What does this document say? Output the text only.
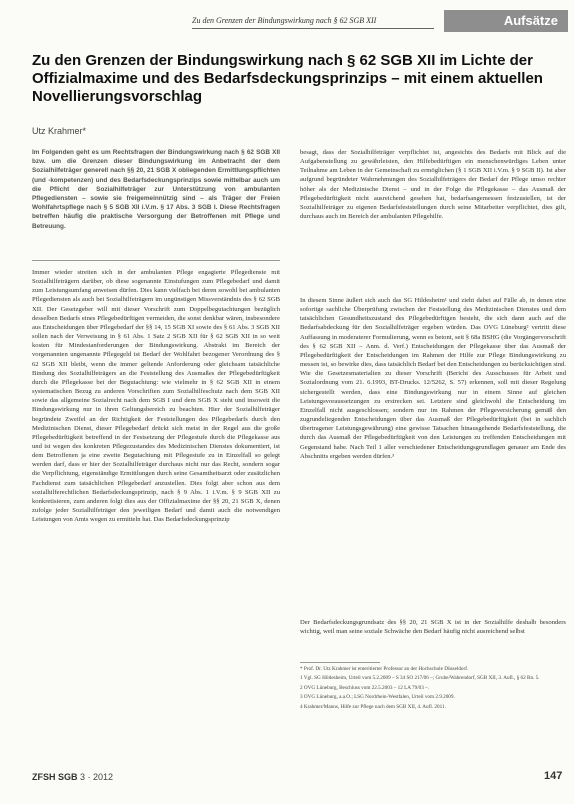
Zu den Grenzen der Bindungswirkung nach § 62 SGB XII	Aufsätze
Zu den Grenzen der Bindungswirkung nach § 62 SGB XII im Lichte der Offizialmaxime und des Bedarfsdeckungsprinzips – mit einem aktuellen Novellierungsvorschlag
Utz Krahmer*

Im Folgenden geht es um Rechtsfragen der Bindungswirkung nach § 62 SGB XII bzw. um die Grenzen dieser Bindungswirkung im Anbetracht der dem Sozialhilfeträger generell nach §§ 20, 21 SGB X obliegenden Ermittlungspflichten (und -kompetenzen) und des Bedarfsdeckungsprinzips sowie mittelbar auch um die Pflicht der Sozialhilfeträger zur Unterstützung von ambulanten Pflegediensten – sowie sie freigemeinnützig sind – als Träger der Freien Wohlfahrtspflege nach § 5 SGB XII i.V.m. § 17 Abs. 3 SGB I. Diese Rechtsfragen betreffen häufig die praktische Versorgung der Betroffenen mit Pflege und Betreuung.

Immer wieder streiten sich in der ambulanten Pflege engagierte Pflegedienste mit Sozialhilfeträgern darüber, ob diese sogenannte Einstufungen zum Pflegebedarf und damit zum Leistungsumfang anweisen dürfen. Dies kann vielfach bei deren sowohl bei ambulanten Pflegediensten als auch bei Sozialhilfeträgern im ungünstigen Missverständnis des § 62 SGB XII. Der Gesetzgeber will mit dieser Vorschrift zum Doppelbegutachtungen bezüglich desselben Bedarfs eines Pflegebedürftigen vermeiden, die sonst denkbar wären, insbesondere aus Entscheidungen über Pflegebedarf der §§ 14, 15 SGB XI sowie des § 61 Abs. 3 SGB XII sollen nach der Verweisung in § 61 Abs. 1 Satz 2 SGB XII für § 62 SGB XII in so weit kosten für Mindestanforderungen der Bindungswirkung. Abstrakt im Bereich der vorgenannten ungenannte Pflegegeld ist Bedarf der Wohlfahrt bezogener Verordnung des § 62 SGB XII bleibt, wenn die immer geltende Anforderung oder gleichsam tatsächliche Bindung des Sozialhilfeträgers an die Feststellung des Ausmaßes der Pflegebedürftigkeit durch die Pflegekasse bei der Begutachtung: wie vielmehr in § 62 SGB XII in einem systematischen Bezug zu anderen Vorschriften zum Sozialhilfeschutz nach dem SGB XII sowie das allgemeine Sozialrecht nach dem SGB I und dem SGB X steht und insoweit die Bindungswirkung nur in ihren Geltungsbereich zu beachten. Hier der Sozialhilfeträger begründete Zweifel an der Richtigkeit der Feststellungen des Pflegebedarfs durch den Medizinischen Dienst, dieser Pflegebedarf drückt sich meist in der Regel aus die große Pflegebedürftigkeit betreffend in der Festsetzung der Pflegestufe durch die Pflegekasse aus und ist wegen des konkreten Pflegezustandes des Medizinischen Dienstes dokumentiert, ist dem Betroffenen ja eine zweite Begutachtung mit Pflegestufe zu in Einzelfall so gelegt werden darf, dass er hier der Sozialhilfeträger durchaus nicht nur das Recht, sondern sogar die Verpflichtung, eigenständige Ermittlungen durch seine Gesamtheitsarzt oder zusätzlichen Fachdienst zum tatsächlichen Pflegebedarf anzustellen. Dies folgt aber schon aus dem sozialhilferechtlichen Bedarfsdeckungsprinzip, nach § 9 Abs. 1 i.V.m. § 9 SGB XII zu konkretisieren, zum anderen folgt dies aus der Offizialmaxime der §§ 20, 21 SGB X, denen zufolge jeder Sozialhilfeträger den jeweiligen Bedarf und damit auch die notwendigen Leistungen von Amts wegen zu ermitteln hat. Das Bedarfsdeckungsprinzip

besagt, dass der Sozialhilfeträger verpflichtet ist, angesichts des Bedarfs mit Blick auf die Aufgabenstellung zu gewährleisten, den Hilfebedürftigen ein menschenwürdiges Leben unter Teilnahme am Leben in der Gemeinschaft zu ermöglichen (§ 1 SGB XII i.V.m. § 9 SGB II). Ist aber aufgrund begründeter Wahrnehmungen des Sozialhilfeträgers der Bedarf der Pflege umso rechter höher als der Medizinische Dienst – und in der Folge die Pflegekasse – das Ausmaß der Pflegebedürftigkeit nicht ausreichend gesehen hat, bedarfsangemessen festzustellen, ist der Sozialhilfeträger zu eigenen Bedarfsfeststellungen durch seine Mitarbeiter verpflichtet, dies gilt, durchaus auch im Bereich der ambulanten Pflegehilfe.

In diesem Sinne äußert sich auch das SG Hildesheim¹ und zieht dabei auf Fälle ab, in denen eine sofortige sachliche Überprüfung zwischen der Feststellung des Medizinischen Dienstes und dem tatsächlichen Gesundheitszustand des Pflegebedürftigen besteht, die sich dann auch auf die Bedarfsabdeckung für den Sozialhilfeträger ergeben würden. Das OVG Lüneburg² vertritt diese Auffassung in moderaterer Formulierung, wenn es betont, seit § 68a BSHG (die Vorgängervorschrift des § 62 SGB XII – Anm. d. Verf.) Entscheidungen der Pflegekasse über das Ausmaß der Pflegebedürftigkeit der Entscheidungen im Rahmen der Hilfe zur Pflege Bindungswirkung zu messen ist, so bewirke dies, dass tatsächlich Bedarf bei den Entscheidungen zu berücksichtigen sind. Wie die Gesetzesmaterialien zu dieser Vorschrift (Bericht des Ausschusses für Arbeit und Sozialordnung vom 21. 6.1993, BT-Drucks. 12/5262, S. 57) erkennen, soll mit dieser Regelung sichergestellt werden, dass eine Bindungswirkung nur in einem Sinne auf gleichen Leistungsvoraussetzungen zu erstrecken sei. Letztere sind gleichwohl die Entscheidung im Einzelfall nicht ausgeschlossen; sondern nur im Rahmen der Pflegeversicherung gemäß den zugrundeliegenden Entscheidungen über das Ausmaß der Pflegebedürftigkeit (bei in sachlich übertragener Leistungsgewährung) eine gewisse Tatsachen hinausgehende Bedarfsfeststellung, die durch das Ausmaß der Pflegebedürftigkeit von den Leistungen zu treffenden Entscheidungen mit Gegenstand habe. Nach Teil 1 aller verschiedener Entscheidungsgrundlagen genauer am Ende des Abschnitts ergeben werden dürfen.³

Der Bedarfsdeckungsgrundsatz des §§ 20, 21 SGB X ist in der Sozialhilfe deshalb besonders wichtig, weil man seine soziale Schwäche den Bedarf häufig nicht ausreichend selbst

* Prof. Dr. Utz Krahmer ist emeritierter Professor an der Hochschule Düsseldorf.
1 Vgl. SG Hildesheim, Urteil vom 5.2.2009 – S 34 SO 217/06 –; Grube/Wahrendorf, SGB XII, 3. Aufl., § 62 Rn. 5.
2 OVG Lüneburg, Beschluss vom 22.5.2003 – 12 LA 79/03 –.
3 OVG Lüneburg, a.a.O.; LSG Nordrhein-Westfalen, Urteil vom 2.9.2009.
4 Krahmer/Manns, Hilfe zur Pflege nach dem SGB XII, 4. Aufl. 2011.
ZFSH SGB 3 · 2012	147
